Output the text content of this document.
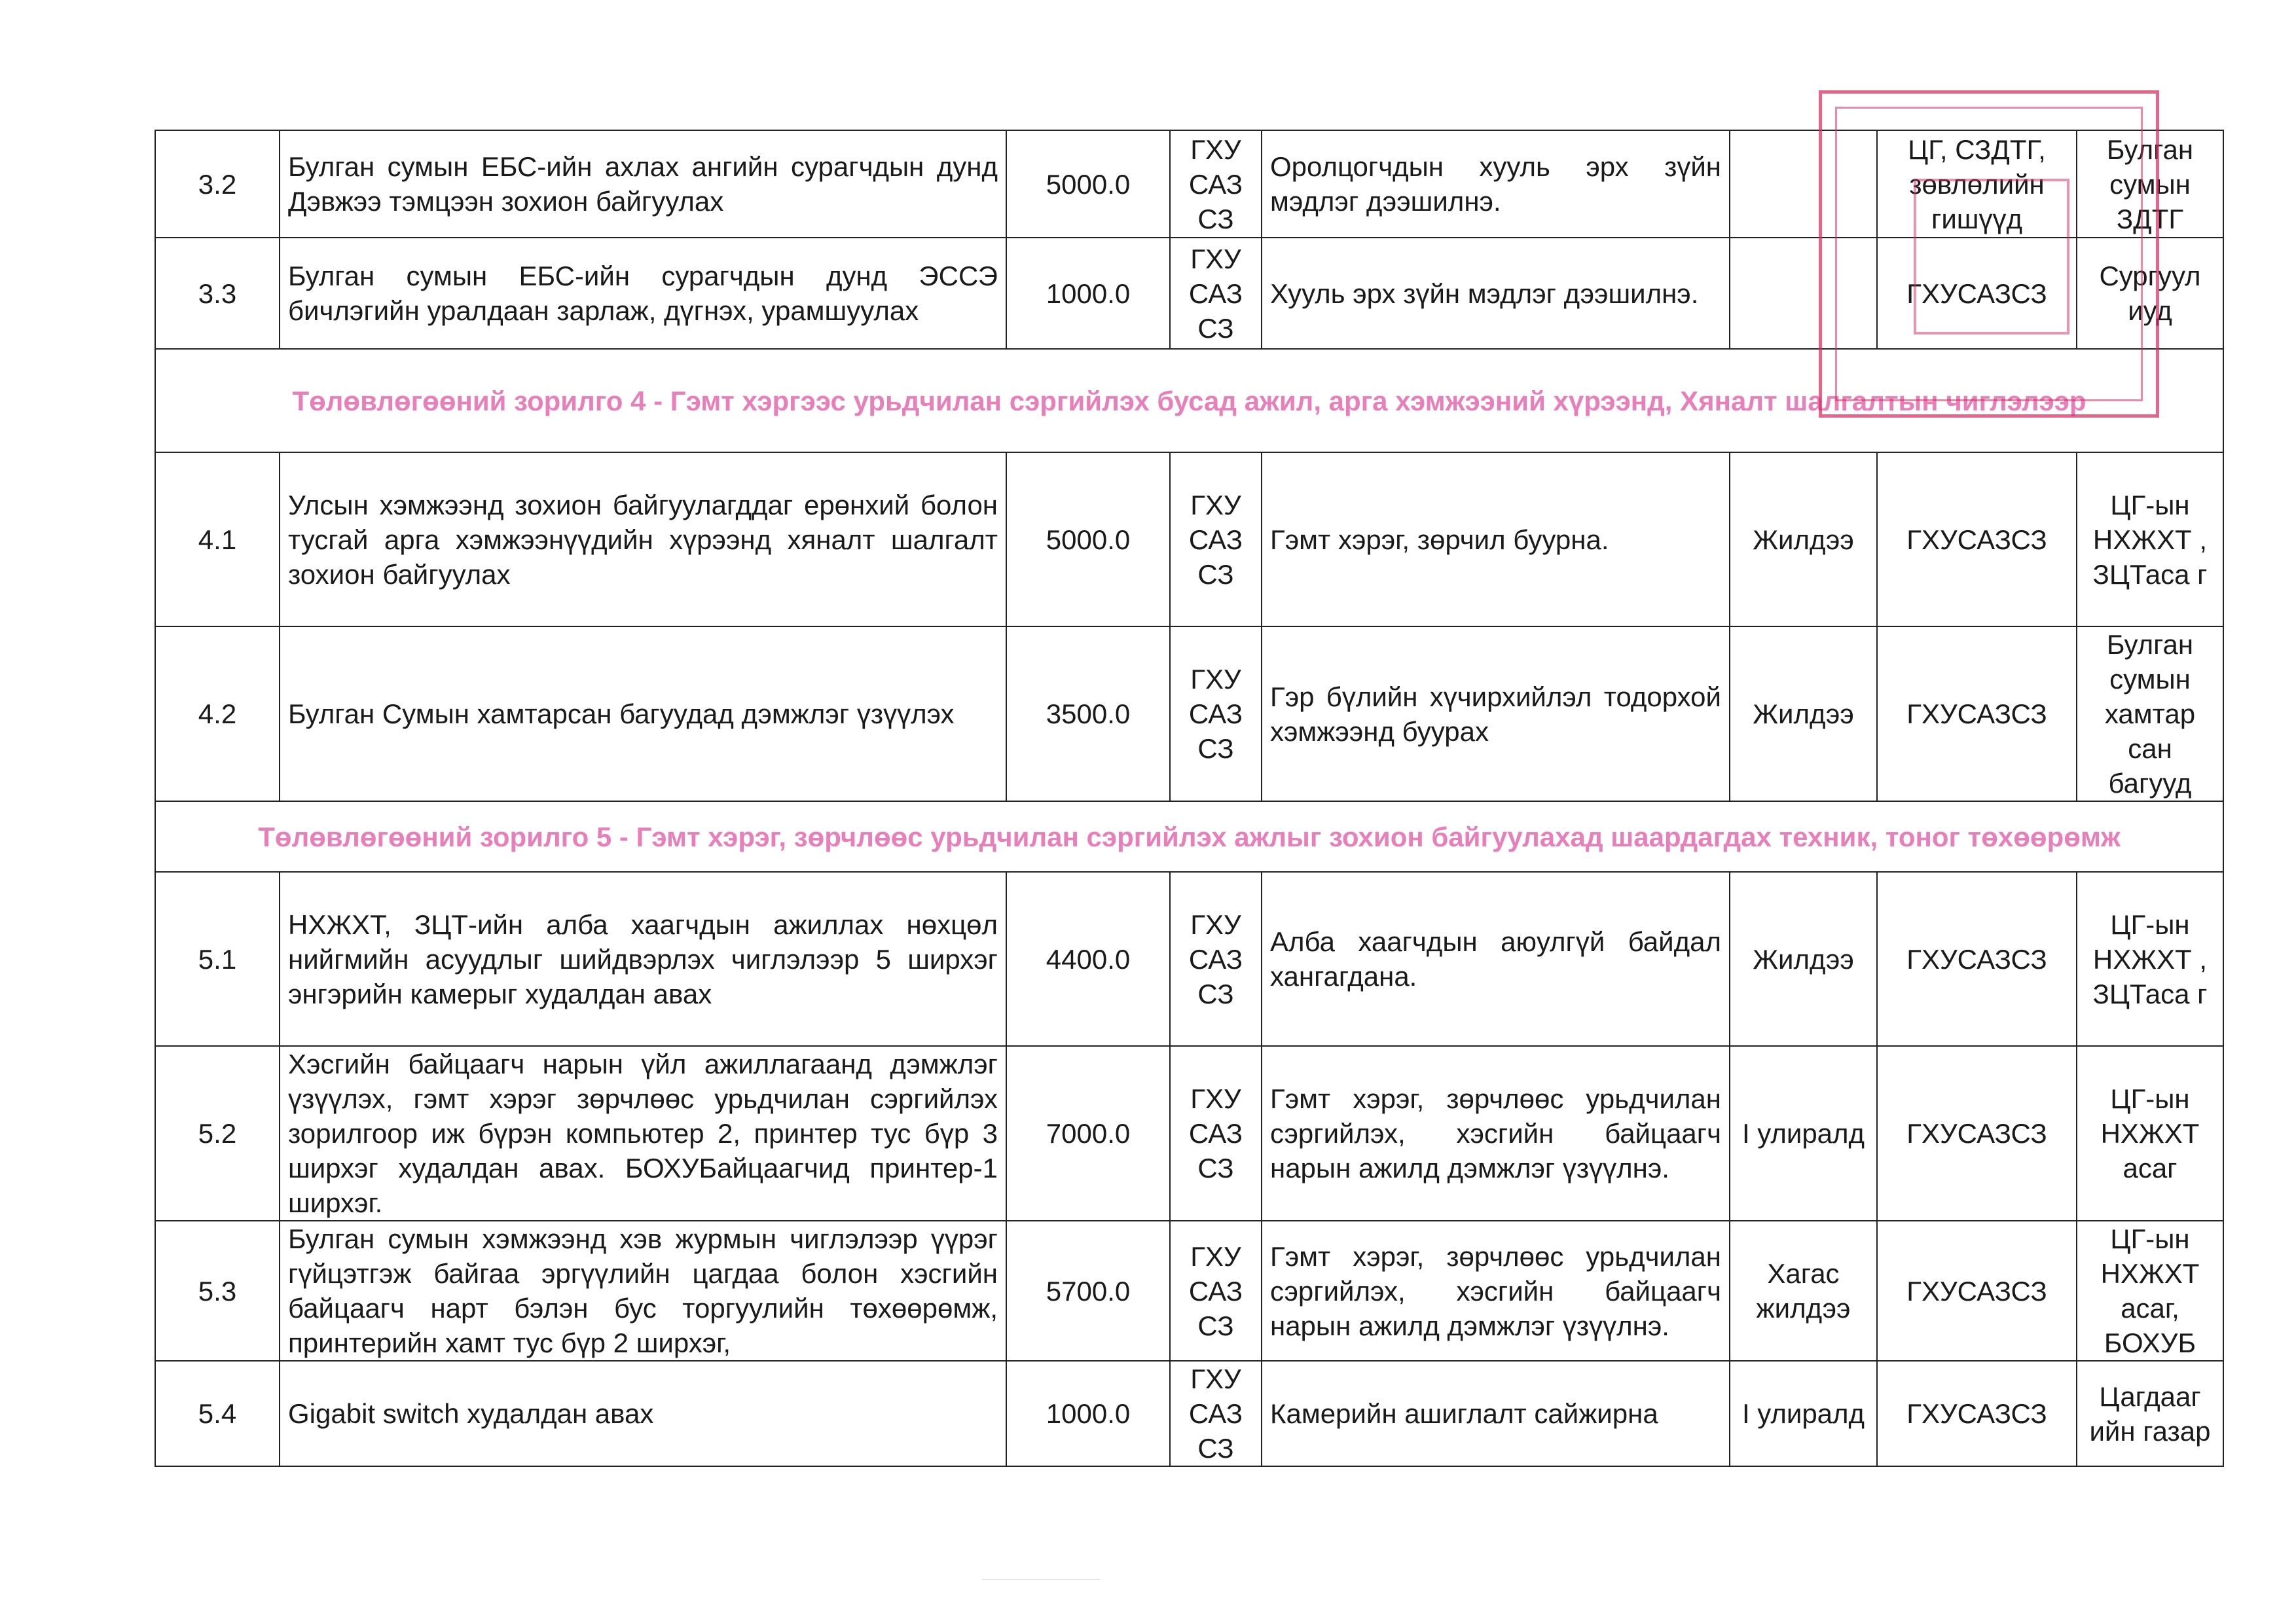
3.2	Булган сумын ЕБС-ийн ахлах ангийн сурагчдын дунд Дэвжээ тэмцээн зохион байгуулах	5000.0	ГХУ САЗ СЗ	Оролцогчдын хууль эрх зүйн мэдлэг дээшилнэ.		ЦГ, СЗДТГ, зөвлөлийн гишүүд	Булган сумын ЗДТГ
3.3	Булган сумын ЕБС-ийн сурагчдын дунд ЭССЭ бичлэгийн уралдаан зарлаж, дүгнэх, урамшуулах	1000.0	ГХУ САЗ СЗ	Хууль эрх зүйн мэдлэг дээшилнэ.		ГХУСАЗСЗ	Сургуул иуд
Төлөвлөгөөний зорилго 4 - Гэмт хэргээс урьдчилан сэргийлэх бусад ажил, арга хэмжээний хүрээнд, Хяналт шалгалтын чиглэлээр							
4.1	Улсын хэмжээнд зохион байгуулагддаг ерөнхий болон тусгай арга хэмжээнүүдийн хүрээнд хяналт шалгалт зохион байгуулах	5000.0	ГХУ САЗ СЗ	Гэмт хэрэг, зөрчил буурна.	Жилдээ	ГХУСАЗСЗ	ЦГ-ын НХЖХТ , ЗЦТаса г
4.2	Булган Сумын хамтарсан багуудад дэмжлэг үзүүлэх	3500.0	ГХУ САЗ СЗ	Гэр бүлийн хүчирхийлэл тодорхой хэмжээнд буурах	Жилдээ	ГХУСАЗСЗ	Булган сумын хамтар сан багууд
Төлөвлөгөөний зорилго 5 - Гэмт хэрэг, зөрчлөөс урьдчилан сэргийлэх ажлыг зохион байгуулахад шаардагдах техник, тоног төхөөрөмж							
5.1	НХЖХТ, ЗЦТ-ийн алба хаагчдын ажиллах нөхцөл нийгмийн асуудлыг шийдвэрлэх чиглэлээр 5 ширхэг энгэрийн камерыг худалдан авах	4400.0	ГХУ САЗ СЗ	Алба хаагчдын аюулгүй байдал хангагдана.	Жилдээ	ГХУСАЗСЗ	ЦГ-ын НХЖХТ , ЗЦТаса г
5.2	Хэсгийн байцаагч нарын үйл ажиллагаанд дэмжлэг үзүүлэх, гэмт хэрэг зөрчлөөс урьдчилан сэргийлэх зорилгоор иж бүрэн компьютер 2, принтер тус бүр 3 ширхэг худалдан авах. БОХУБайцаагчид принтер-1 ширхэг.	7000.0	ГХУ САЗ СЗ	Гэмт хэрэг, зөрчлөөс урьдчилан сэргийлэх, хэсгийн байцаагч нарын ажилд дэмжлэг үзүүлнэ.	I улиралд	ГХУСАЗСЗ	ЦГ-ын НХЖХТ асаг
5.3	Булган сумын хэмжээнд хэв журмын чиглэлээр үүрэг гүйцэтгэж байгаа эргүүлийн цагдаа болон хэсгийн байцаагч нарт бэлэн бус торгуулийн төхөөрөмж, принтерийн хамт тус бүр 2 ширхэг,	5700.0	ГХУ САЗ СЗ	Гэмт хэрэг, зөрчлөөс урьдчилан сэргийлэх, хэсгийн байцаагч нарын ажилд дэмжлэг үзүүлнэ.	Хагас жилдээ	ГХУСАЗСЗ	ЦГ-ын НХЖХТ асаг, БОХУБ
5.4	Gigabit switch худалдан авах	1000.0	ГХУ САЗ СЗ	Камерийн ашиглалт сайжирна	I улиралд	ГХУСАЗСЗ	Цагдааг ийн газар
